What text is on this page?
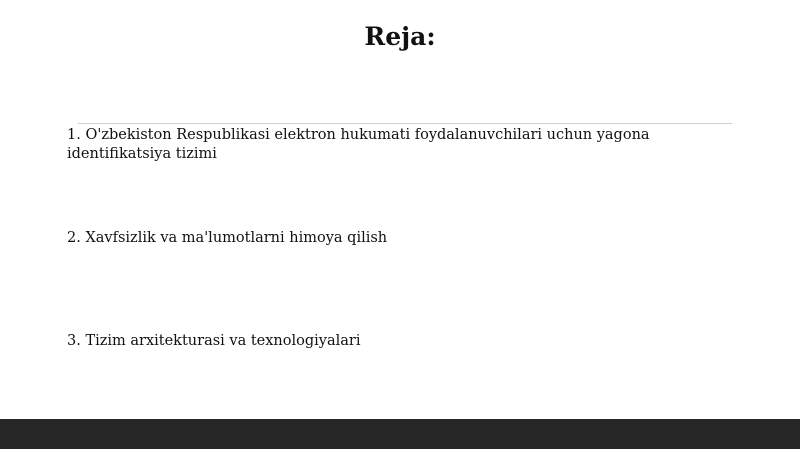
Reja:
1. O'zbekiston Respublikasi elektron hukumati foydalanuvchilari uchun yagona identifikatsiya tizimi
2. Xavfsizlik va ma'lumotlarni himoya qilish
3. Tizim arxitekturasi va texnologiyalari
